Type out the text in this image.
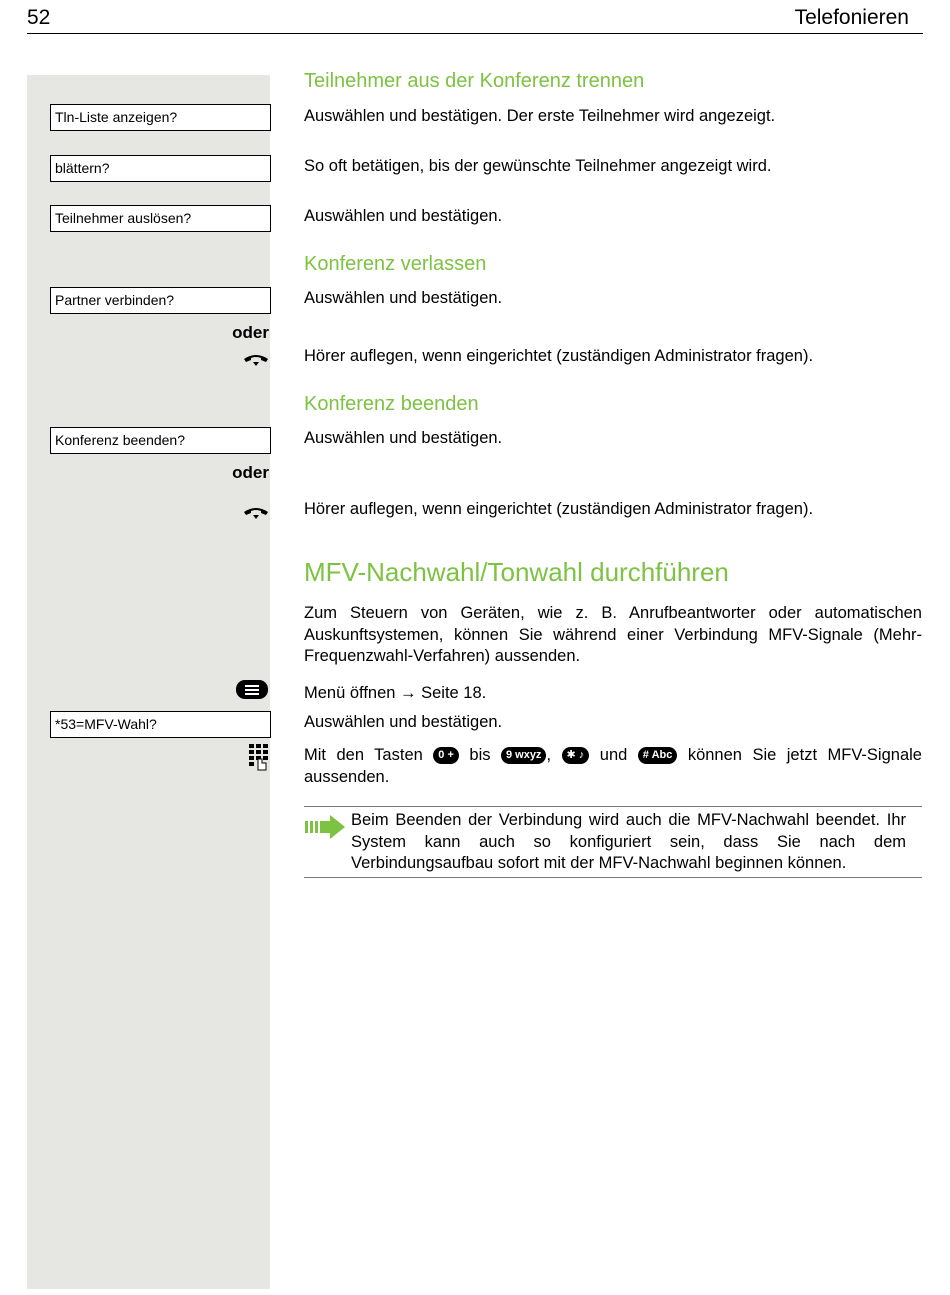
52	Telefonieren
Tln-Liste anzeigen?
blättern?
Teilnehmer auslösen?
Partner verbinden?
oder
Konferenz beenden?
oder
*53=MFV-Wahl?
Teilnehmer aus der Konferenz trennen
Auswählen und bestätigen. Der erste Teilnehmer wird angezeigt.
So oft betätigen, bis der gewünschte Teilnehmer angezeigt wird.
Auswählen und bestätigen.
Konferenz verlassen
Auswählen und bestätigen.
Hörer auflegen, wenn eingerichtet (zuständigen Administrator fragen).
Konferenz beenden
Auswählen und bestätigen.
Hörer auflegen, wenn eingerichtet (zuständigen Administrator fragen).
MFV-Nachwahl/Tonwahl durchführen
Zum Steuern von Geräten, wie z. B. Anrufbeantworter oder automatischen Auskunftsystemen, können Sie während einer Verbindung MFV-Signale (Mehr-Frequenzwahl-Verfahren) aussenden.
Menü öffnen → Seite 18.
Auswählen und bestätigen.
Mit den Tasten 0 + bis 9 wxyz , ✱ ♪ und # Abc können Sie jetzt MFV-Signale aussenden.
Beim Beenden der Verbindung wird auch die MFV-Nachwahl beendet. Ihr System kann auch so konfiguriert sein, dass Sie nach dem Verbindungsaufbau sofort mit der MFV-Nachwahl beginnen können.
